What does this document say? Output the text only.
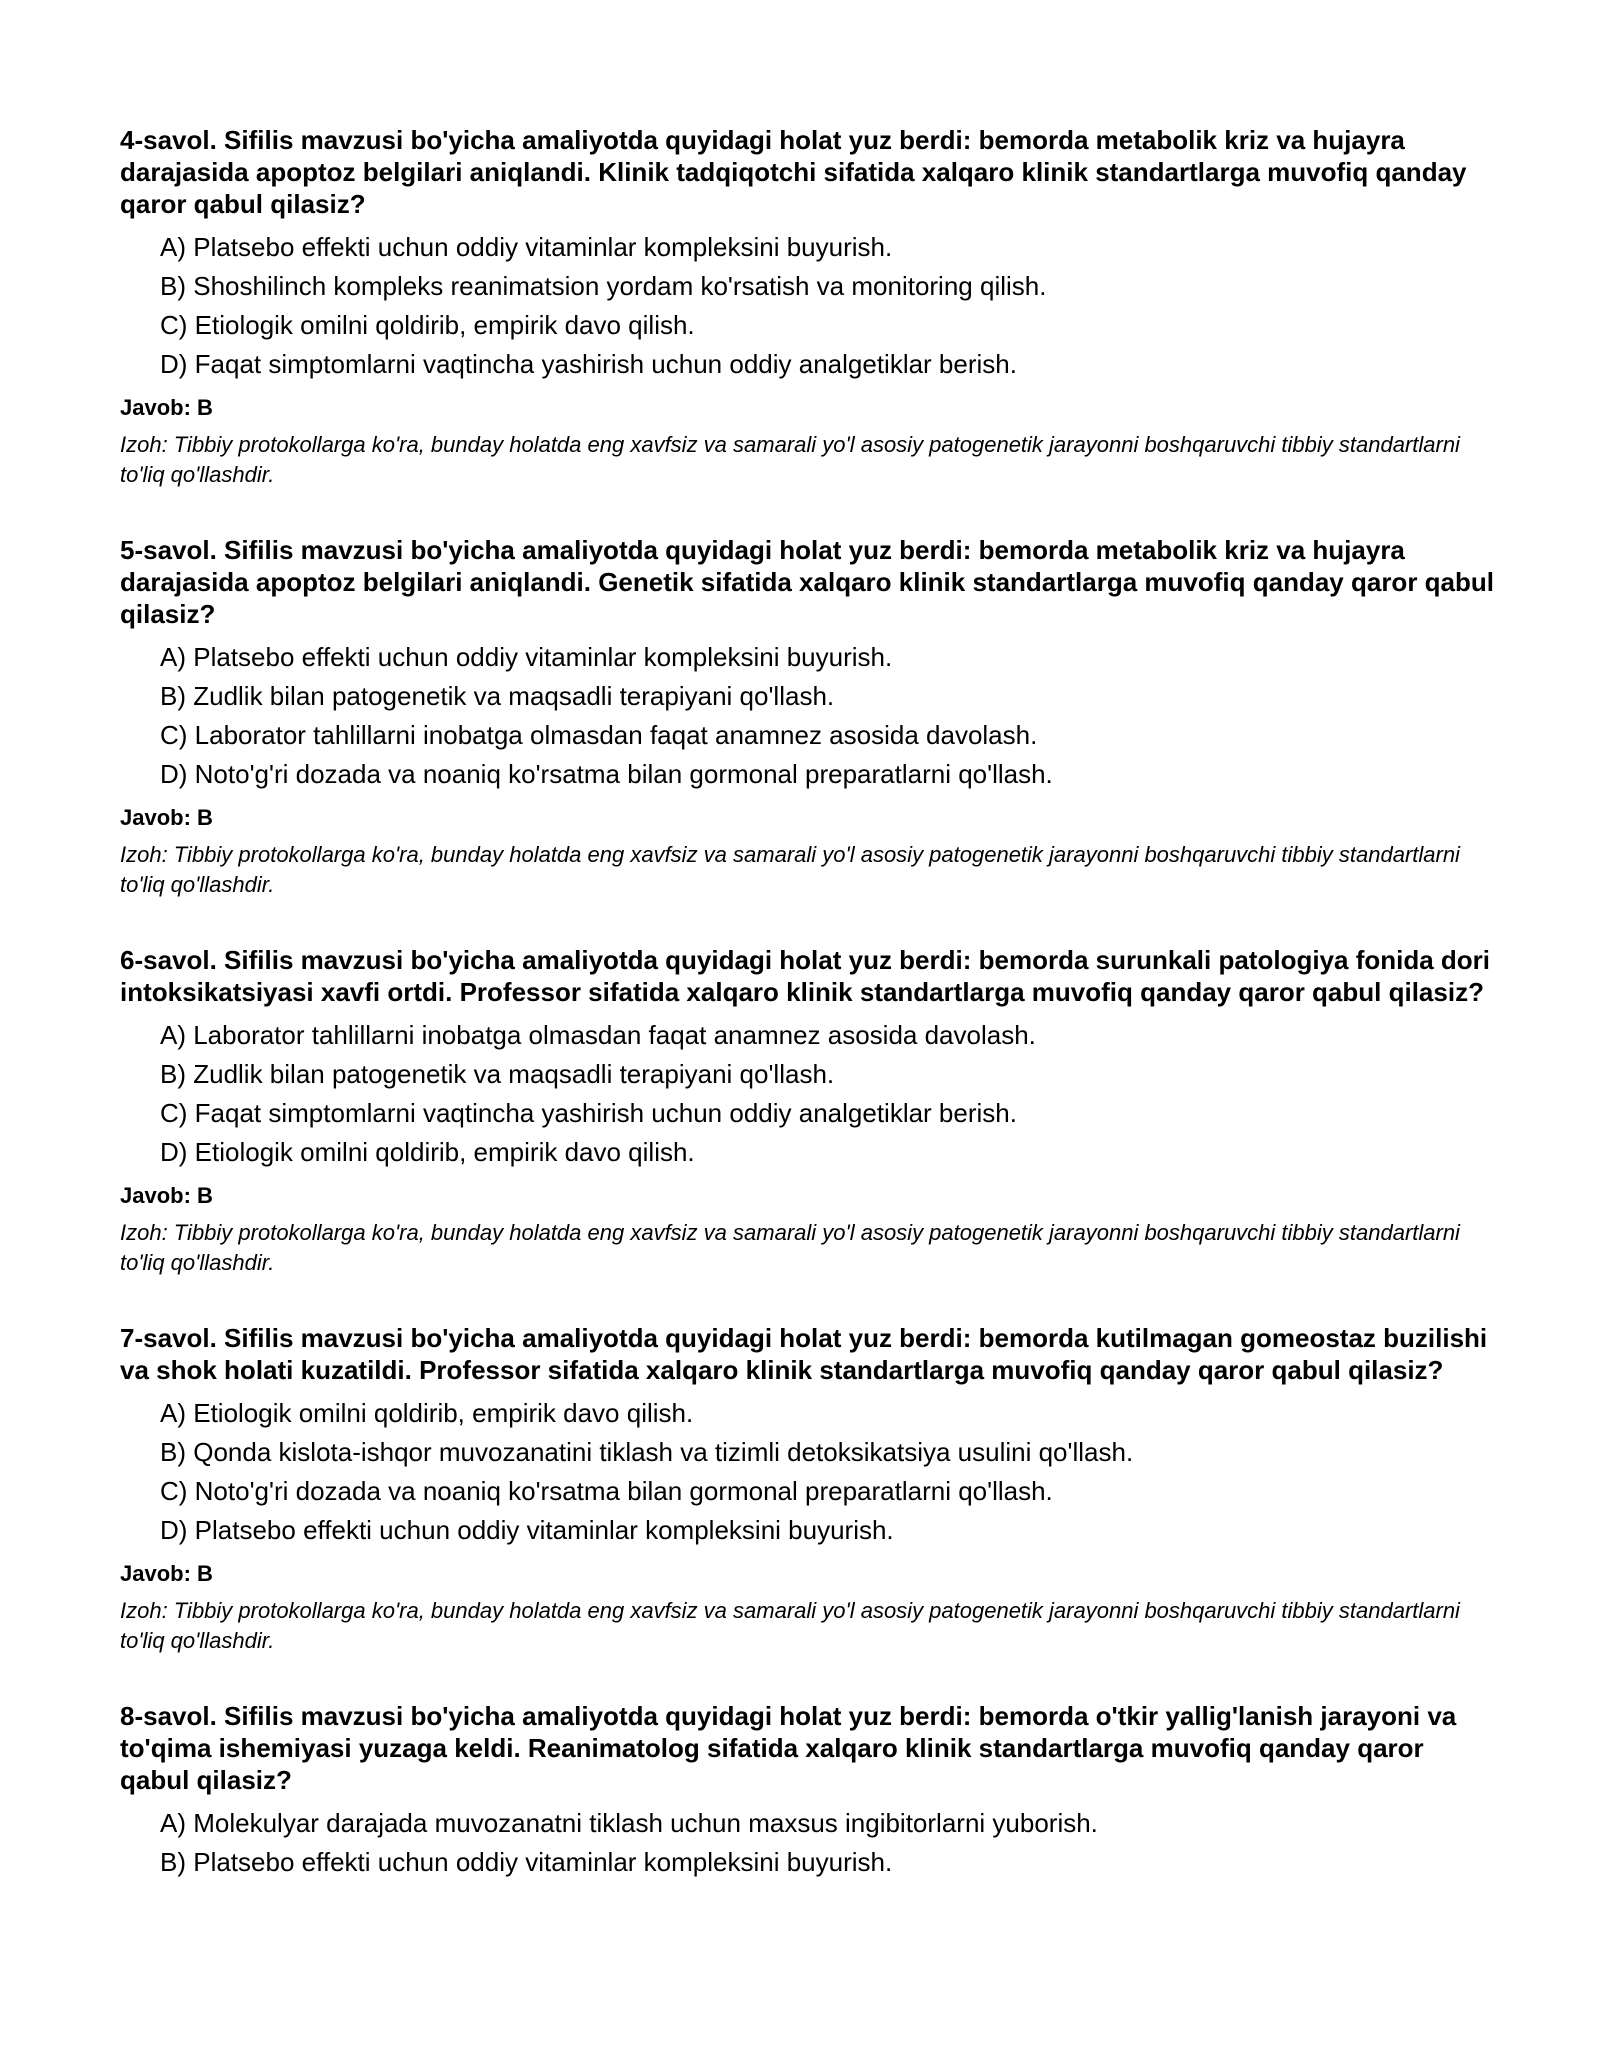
4-savol. Sifilis mavzusi bo'yicha amaliyotda quyidagi holat yuz berdi: bemorda metabolik kriz va hujayra darajasida apoptoz belgilari aniqlandi. Klinik tadqiqotchi sifatida xalqaro klinik standartlarga muvofiq qanday qaror qabul qilasiz?
A) Platsebo effekti uchun oddiy vitaminlar kompleksini buyurish.
B) Shoshilinch kompleks reanimatsion yordam ko'rsatish va monitoring qilish.
C) Etiologik omilni qoldirib, empirik davo qilish.
D) Faqat simptomlarni vaqtincha yashirish uchun oddiy analgetiklar berish.
Javob: B

Izoh: Tibbiy protokollarga ko'ra, bunday holatda eng xavfsiz va samarali yo'l asosiy patogenetik jarayonni boshqaruvchi tibbiy standartlarni to'liq qo'llashdir.

5-savol. Sifilis mavzusi bo'yicha amaliyotda quyidagi holat yuz berdi: bemorda metabolik kriz va hujayra darajasida apoptoz belgilari aniqlandi. Genetik sifatida xalqaro klinik standartlarga muvofiq qanday qaror qabul qilasiz?
A) Platsebo effekti uchun oddiy vitaminlar kompleksini buyurish.
B) Zudlik bilan patogenetik va maqsadli terapiyani qo'llash.
C) Laborator tahlillarni inobatga olmasdan faqat anamnez asosida davolash.
D) Noto'g'ri dozada va noaniq ko'rsatma bilan gormonal preparatlarni qo'llash.
Javob: B

Izoh: Tibbiy protokollarga ko'ra, bunday holatda eng xavfsiz va samarali yo'l asosiy patogenetik jarayonni boshqaruvchi tibbiy standartlarni to'liq qo'llashdir.

6-savol. Sifilis mavzusi bo'yicha amaliyotda quyidagi holat yuz berdi: bemorda surunkali patologiya fonida dori intoksikatsiyasi xavfi ortdi. Professor sifatida xalqaro klinik standartlarga muvofiq qanday qaror qabul qilasiz?
A) Laborator tahlillarni inobatga olmasdan faqat anamnez asosida davolash.
B) Zudlik bilan patogenetik va maqsadli terapiyani qo'llash.
C) Faqat simptomlarni vaqtincha yashirish uchun oddiy analgetiklar berish.
D) Etiologik omilni qoldirib, empirik davo qilish.
Javob: B

Izoh: Tibbiy protokollarga ko'ra, bunday holatda eng xavfsiz va samarali yo'l asosiy patogenetik jarayonni boshqaruvchi tibbiy standartlarni to'liq qo'llashdir.

7-savol. Sifilis mavzusi bo'yicha amaliyotda quyidagi holat yuz berdi: bemorda kutilmagan gomeostaz buzilishi va shok holati kuzatildi. Professor sifatida xalqaro klinik standartlarga muvofiq qanday qaror qabul qilasiz?
A) Etiologik omilni qoldirib, empirik davo qilish.
B) Qonda kislota-ishqor muvozanatini tiklash va tizimli detoksikatsiya usulini qo'llash.
C) Noto'g'ri dozada va noaniq ko'rsatma bilan gormonal preparatlarni qo'llash.
D) Platsebo effekti uchun oddiy vitaminlar kompleksini buyurish.
Javob: B

Izoh: Tibbiy protokollarga ko'ra, bunday holatda eng xavfsiz va samarali yo'l asosiy patogenetik jarayonni boshqaruvchi tibbiy standartlarni to'liq qo'llashdir.

8-savol. Sifilis mavzusi bo'yicha amaliyotda quyidagi holat yuz berdi: bemorda o'tkir yallig'lanish jarayoni va to'qima ishemiyasi yuzaga keldi. Reanimatolog sifatida xalqaro klinik standartlarga muvofiq qanday qaror qabul qilasiz?
A) Molekulyar darajada muvozanatni tiklash uchun maxsus ingibitorlarni yuborish.
B) Platsebo effekti uchun oddiy vitaminlar kompleksini buyurish.
